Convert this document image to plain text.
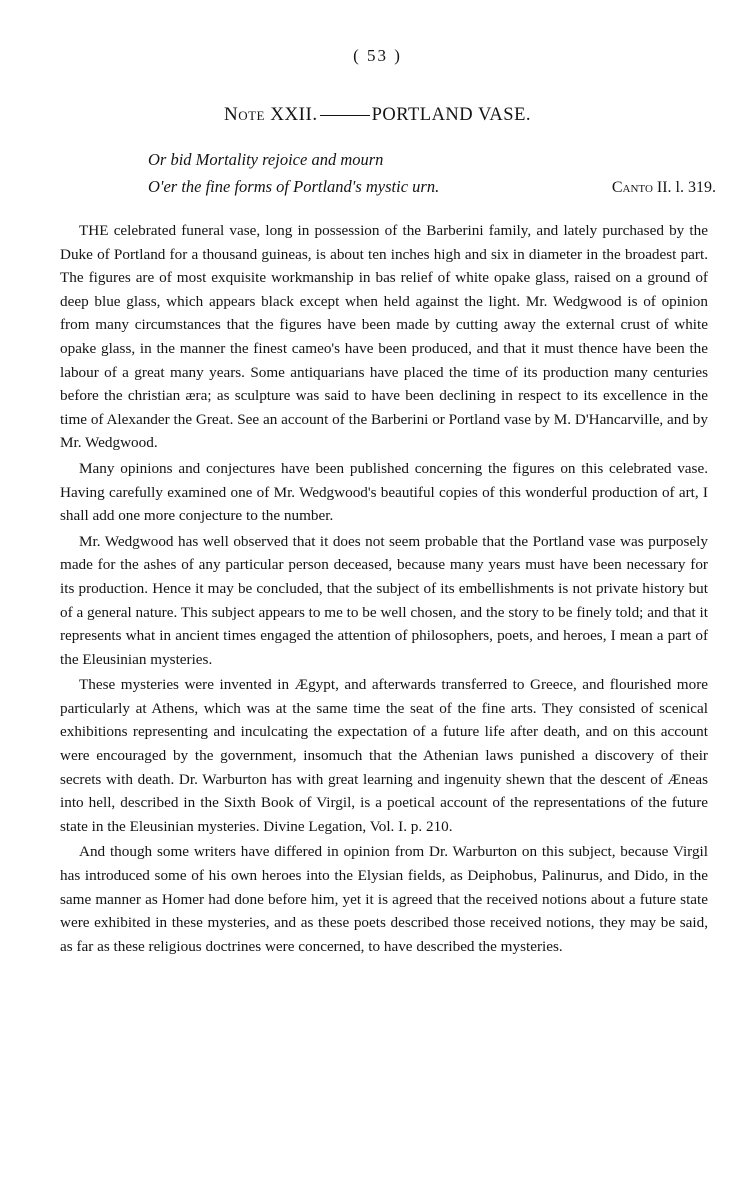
( 53 )
Note XXII.	PORTLAND VASE.
Or bid Mortality rejoice and mourn
O'er the fine forms of Portland's mystic urn.	Canto II. l. 319.

THE celebrated funeral vase, long in possession of the Barberini family, and lately purchased by the Duke of Portland for a thousand guineas, is about ten inches high and six in diameter in the broadest part. The figures are of most exquisite workmanship in bas relief of white opake glass, raised on a ground of deep blue glass, which appears black except when held against the light. Mr. Wedgwood is of opinion from many circumstances that the figures have been made by cutting away the external crust of white opake glass, in the manner the finest cameo's have been produced, and that it must thence have been the labour of a great many years. Some antiquarians have placed the time of its production many centuries before the christian æra; as sculpture was said to have been declining in respect to its excellence in the time of Alexander the Great. See an account of the Barberini or Portland vase by M. D'Hancarville, and by Mr. Wedgwood.

Many opinions and conjectures have been published concerning the figures on this celebrated vase. Having carefully examined one of Mr. Wedgwood's beautiful copies of this wonderful production of art, I shall add one more conjecture to the number.

Mr. Wedgwood has well observed that it does not seem probable that the Portland vase was purposely made for the ashes of any particular person deceased, because many years must have been necessary for its production. Hence it may be concluded, that the subject of its embellishments is not private history but of a general nature. This subject appears to me to be well chosen, and the story to be finely told; and that it represents what in ancient times engaged the attention of philosophers, poets, and heroes, I mean a part of the Eleusinian mysteries.

These mysteries were invented in Ægypt, and afterwards transferred to Greece, and flourished more particularly at Athens, which was at the same time the seat of the fine arts. They consisted of scenical exhibitions representing and inculcating the expectation of a future life after death, and on this account were encouraged by the government, insomuch that the Athenian laws punished a discovery of their secrets with death. Dr. Warburton has with great learning and ingenuity shewn that the descent of Æneas into hell, described in the Sixth Book of Virgil, is a poetical account of the representations of the future state in the Eleusinian mysteries. Divine Legation, Vol. I. p. 210.

And though some writers have differed in opinion from Dr. Warburton on this subject, because Virgil has introduced some of his own heroes into the Elysian fields, as Deiphobus, Palinurus, and Dido, in the same manner as Homer had done before him, yet it is agreed that the received notions about a future state were exhibited in these mysteries, and as these poets described those received notions, they may be said, as far as these religious doctrines were concerned, to have described the mysteries.
